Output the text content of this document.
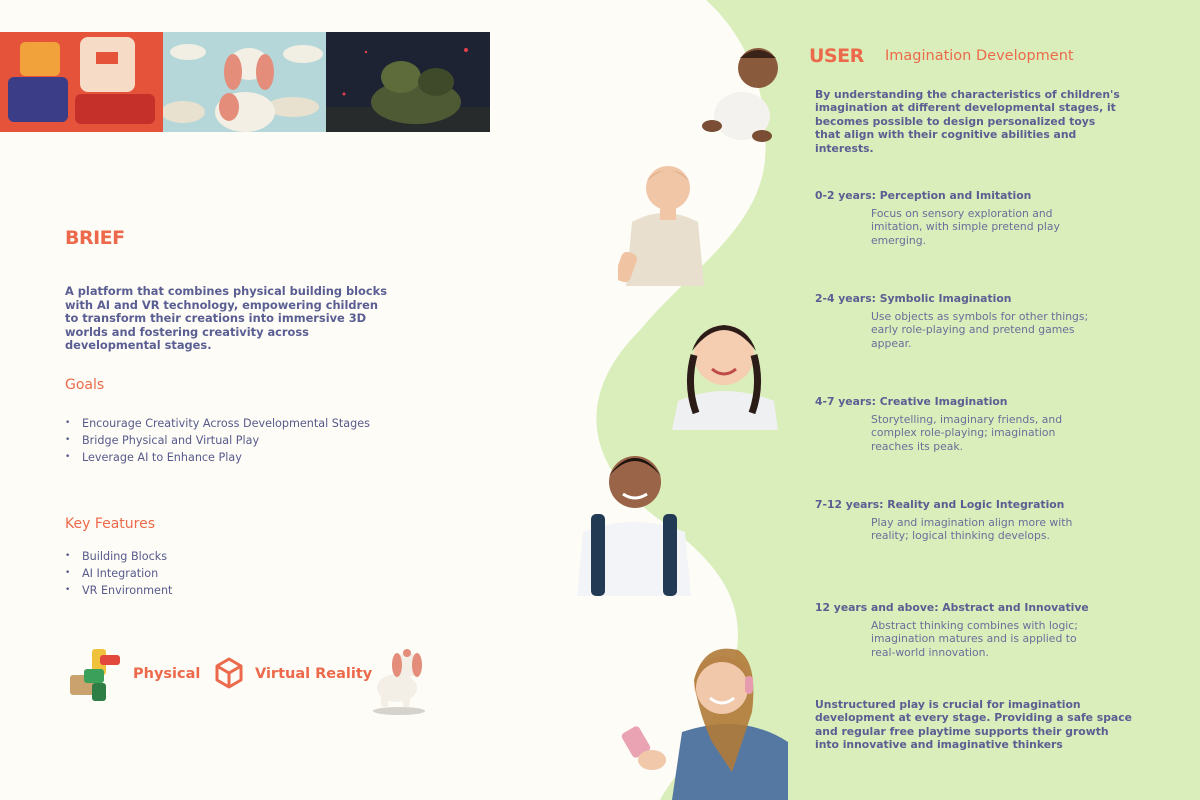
BRIEF
A platform that combines physical building blocks with AI and VR technology, empowering children to transform their creations into immersive 3D worlds and fostering creativity across developmental stages.
Goals
• Encourage Creativity Across Developmental Stages
• Bridge Physical and Virtual Play
• Leverage AI to Enhance Play
Key Features
• Building Blocks
• AI Integration
• VR Environment
Physical	Virtual Reality
USER Imagination Development
By understanding the characteristics of children's imagination at different developmental stages, it becomes possible to design personalized toys that align with their cognitive abilities and interests.
0-2 years: Perception and Imitation
Focus on sensory exploration and imitation, with simple pretend play emerging.
2-4 years: Symbolic Imagination
Use objects as symbols for other things; early role-playing and pretend games appear.
4-7 years: Creative Imagination
Storytelling, imaginary friends, and complex role-playing; imagination reaches its peak.
7-12 years: Reality and Logic Integration
Play and imagination align more with reality; logical thinking develops.
12 years and above: Abstract and Innovative
Abstract thinking combines with logic; imagination matures and is applied to real-world innovation.
Unstructured play is crucial for imagination development at every stage. Providing a safe space and regular free playtime supports their growth into innovative and imaginative thinkers
